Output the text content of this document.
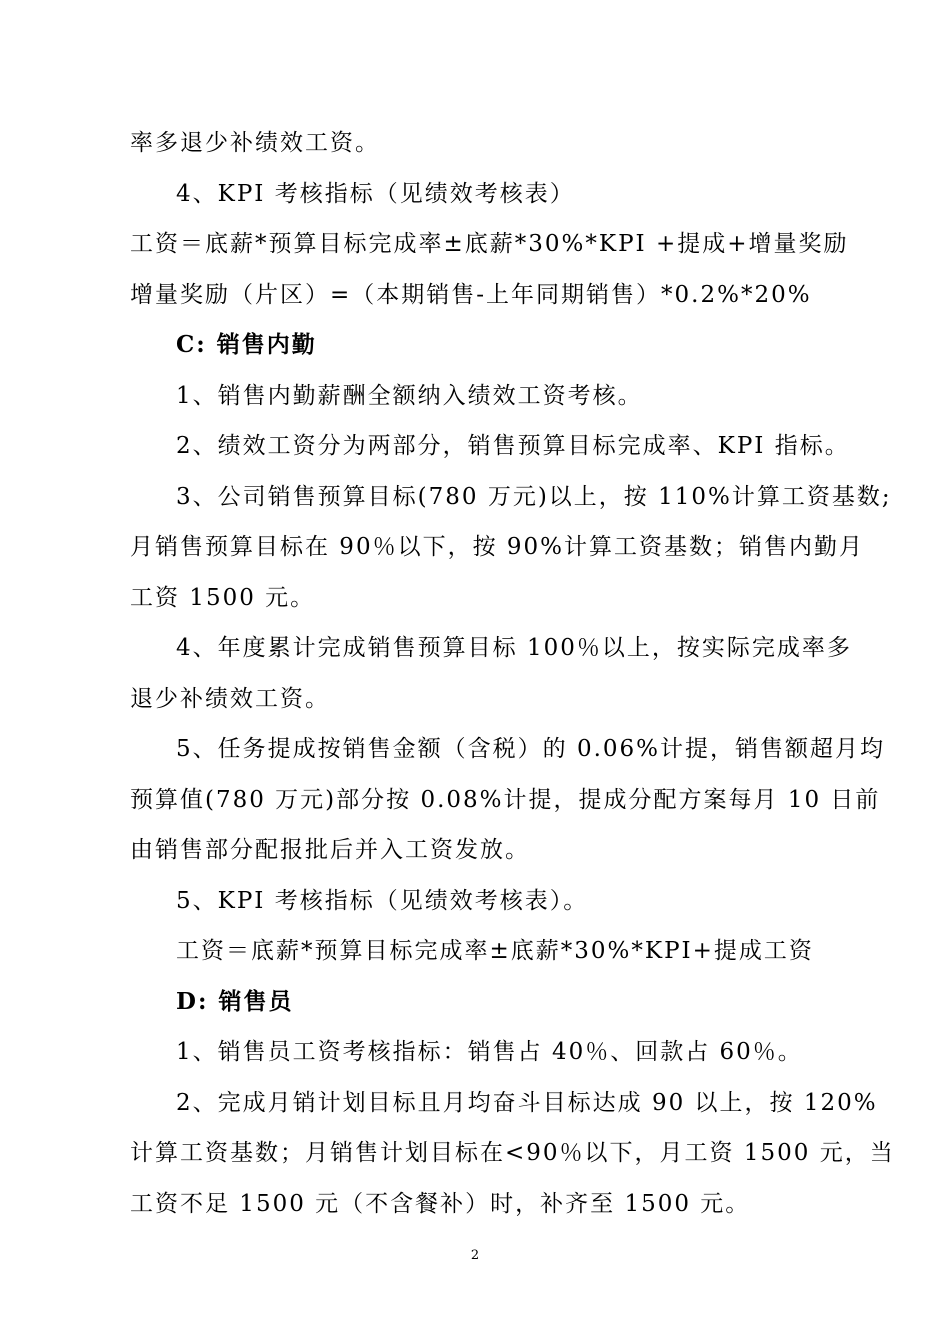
率多退少补绩效工资。
4、KPI 考核指标（见绩效考核表）
工资＝底薪*预算目标完成率±底薪*30%*KPI +提成+增量奖励
增量奖励（片区）=（本期销售-上年同期销售）*0.2%*20%
C: 销售内勤
1、销售内勤薪酬全额纳入绩效工资考核。
2、绩效工资分为两部分，销售预算目标完成率、KPI 指标。
3、公司销售预算目标(780 万元)以上，按 110%计算工资基数;
月销售预算目标在 90％以下，按 90%计算工资基数；销售内勤月
工资 1500 元。
4、年度累计完成销售预算目标 100％以上，按实际完成率多
退少补绩效工资。
5、任务提成按销售金额（含税）的 0.06%计提，销售额超月均
预算值(780 万元)部分按 0.08%计提，提成分配方案每月 10 日前
由销售部分配报批后并入工资发放。
5、KPI 考核指标（见绩效考核表）。
工资＝底薪*预算目标完成率±底薪*30%*KPI+提成工资
D: 销售员
1、销售员工资考核指标：销售占 40％、回款占 60％。
2、完成月销计划目标且月均奋斗目标达成 90 以上，按 120%
计算工资基数；月销售计划目标在<90％以下，月工资 1500 元，当
工资不足 1500 元（不含餐补）时，补齐至 1500 元。
2
